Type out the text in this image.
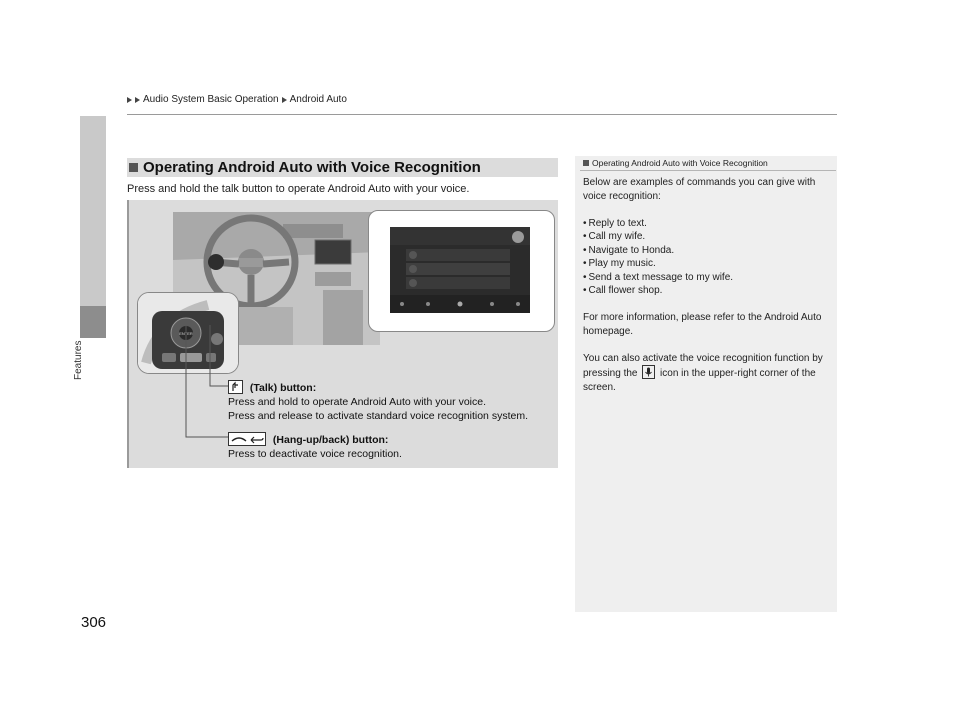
Audio System Basic Operation Android Auto
Features
306
Operating Android Auto with Voice Recognition
Press and hold the talk button to operate Android Auto with your voice.
ENTER
(Talk) button:
Press and hold to operate Android Auto with your voice.
Press and release to activate standard voice recognition system.
(Hang-up/back) button:
Press to deactivate voice recognition.
Operating Android Auto with Voice Recognition

Below are examples of commands you can give with voice recognition:

• Reply to text.
• Call my wife.
• Navigate to Honda.
• Play my music.
• Send a text message to my wife.
• Call flower shop.

For more information, please refer to the Android Auto homepage.

You can also activate the voice recognition function by pressing the icon in the upper-right corner of the screen.
